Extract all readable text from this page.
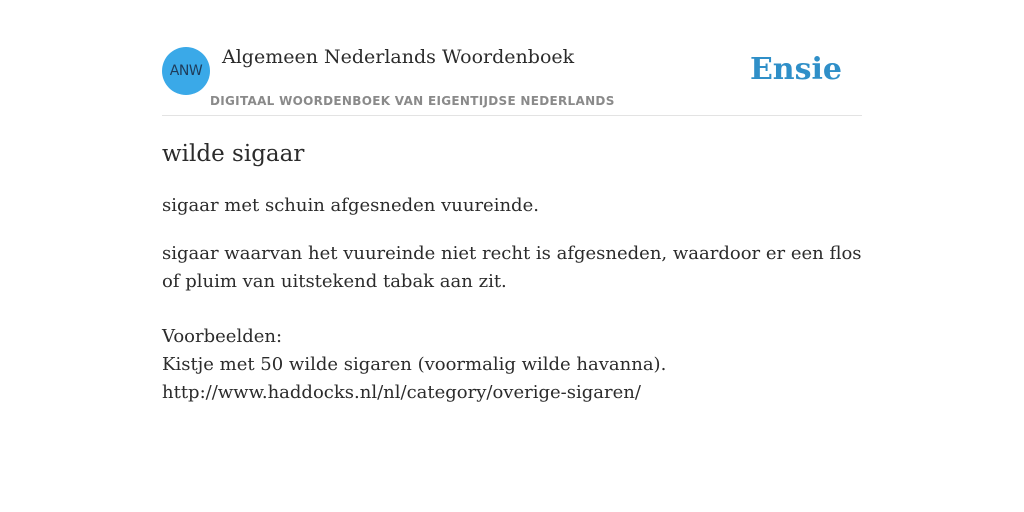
ANW
Algemeen Nederlands Woordenboek
DIGITAAL WOORDENBOEK VAN EIGENTIJDSE NEDERLANDS
Ensie
wilde sigaar
sigaar met schuin afgesneden vuureinde.
sigaar waarvan het vuureinde niet recht is afgesneden, waardoor er een flos of pluim van uitstekend tabak aan zit.
Voorbeelden:
Kistje met 50 wilde sigaren (voormalig wilde havanna).
http://www.haddocks.nl/nl/category/overige-sigaren/
